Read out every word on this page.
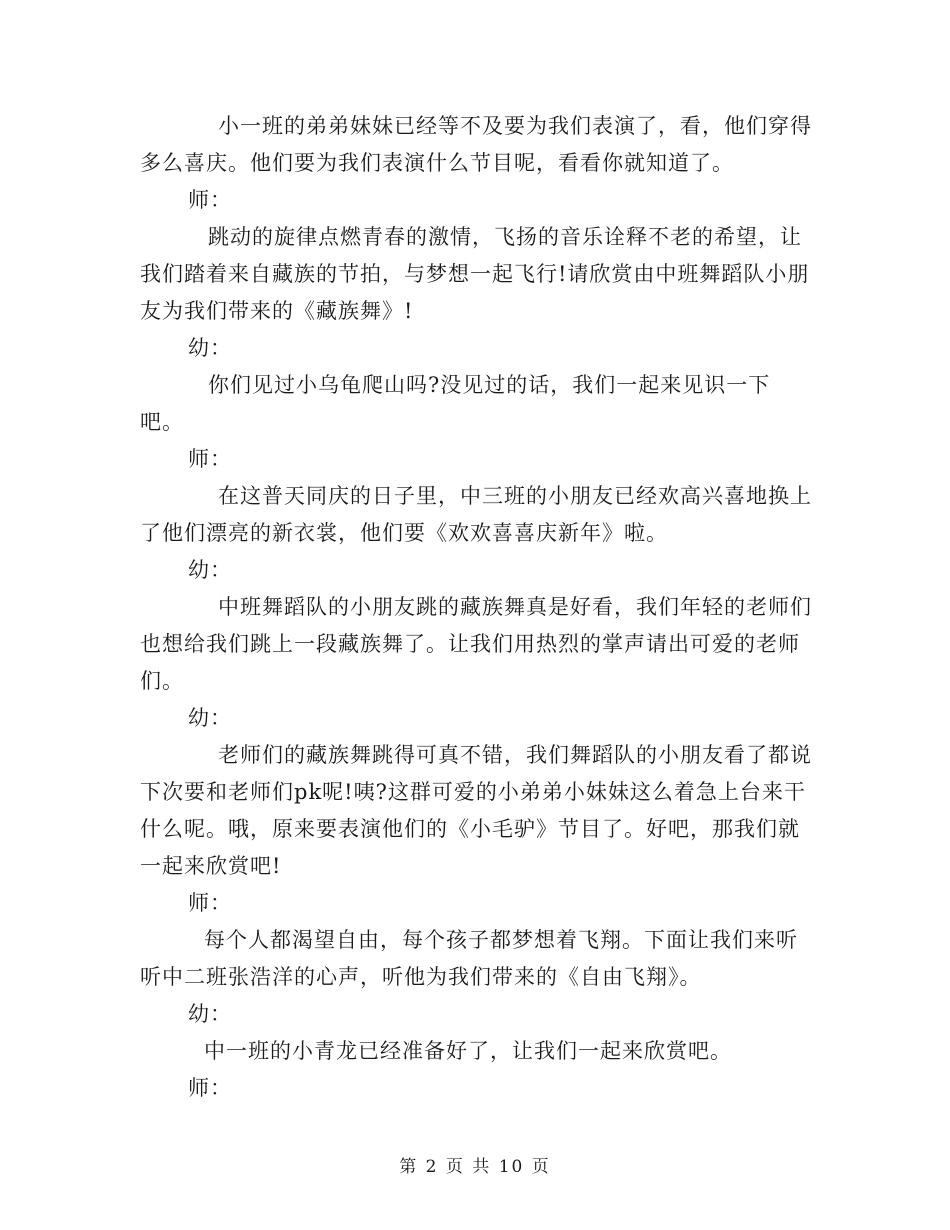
小一班的弟弟妹妹已经等不及要为我们表演了，看，他们穿得多么喜庆。他们要为我们表演什么节目呢，看看你就知道了。

师：

跳动的旋律点燃青春的激情，飞扬的音乐诠释不老的希望，让我们踏着来自藏族的节拍，与梦想一起飞行!请欣赏由中班舞蹈队小朋友为我们带来的《藏族舞》!

幼：

你们见过小乌龟爬山吗?没见过的话，我们一起来见识一下吧。

师：

在这普天同庆的日子里，中三班的小朋友已经欢高兴喜地换上了他们漂亮的新衣裳，他们要《欢欢喜喜庆新年》啦。

幼：

中班舞蹈队的小朋友跳的藏族舞真是好看，我们年轻的老师们也想给我们跳上一段藏族舞了。让我们用热烈的掌声请出可爱的老师们。

幼：

老师们的藏族舞跳得可真不错，我们舞蹈队的小朋友看了都说下次要和老师们pk呢!咦?这群可爱的小弟弟小妹妹这么着急上台来干什么呢。哦，原来要表演他们的《小毛驴》节目了。好吧，那我们就一起来欣赏吧!

师：

每个人都渴望自由，每个孩子都梦想着飞翔。下面让我们来听听中二班张浩洋的心声，听他为我们带来的《自由飞翔》。

幼：

中一班的小青龙已经准备好了，让我们一起来欣赏吧。

师：

第 2 页 共 10 页
